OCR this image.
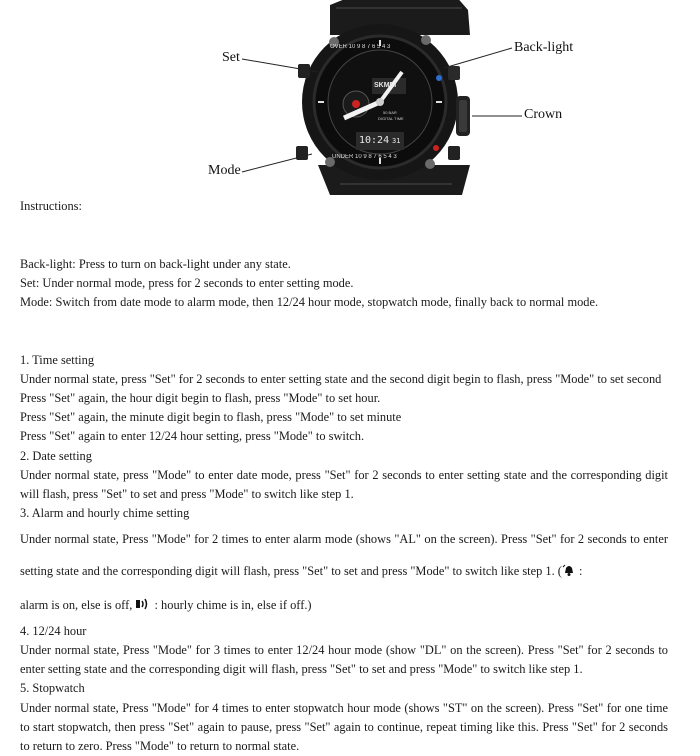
OVER 10 9 8 7 6 5 4 3
UNDER 10 9 8 7 6 5 4 3
SKMEI
50 BAR
DIGITAL TIME
10:24 31
Set
Back-light
Crown
Mode

Instructions:

Back-light: Press to turn on back-light under any state.

Set: Under normal mode, press for 2 seconds to enter setting mode.

Mode: Switch from date mode to alarm mode, then 12/24 hour mode, stopwatch mode, finally back to normal mode.

1. Time setting

Under normal state, press "Set" for 2 seconds to enter setting state and the second digit begin to flash, press "Mode" to set second

Press "Set" again, the hour digit begin to flash, press "Mode" to set hour.

Press "Set" again, the minute digit begin to flash, press "Mode" to set minute

Press "Set" again to enter 12/24 hour setting, press "Mode" to switch.

2. Date setting

Under normal state, press "Mode" to enter date mode, press "Set" for 2 seconds to enter setting state and the corresponding digit will flash, press "Set" to set and press "Mode" to switch like step 1.

3. Alarm and hourly chime setting

Under normal state, Press "Mode" for 2 times to enter alarm mode (shows "AL" on the screen). Press "Set" for 2 seconds to enter setting state and the corresponding digit will flash, press "Set" to set and press "Mode" to switch like step 1. ( :

alarm is on, else is off, : hourly chime is in, else if off.)

4. 12/24 hour

Under normal state, Press "Mode" for 3 times to enter 12/24 hour mode (show "DL" on the screen). Press "Set" for 2 seconds to enter setting state and the corresponding digit will flash, press "Set" to set and press "Mode" to switch like step 1.

5. Stopwatch

Under normal state, Press "Mode" for 4 times to enter stopwatch hour mode (shows "ST" on the screen). Press "Set" for one time to start stopwatch, then press "Set" again to pause, press "Set" again to continue, repeat timing like this. Press "Set" for 2 seconds to return to zero. Press "Mode" to return to normal state.
